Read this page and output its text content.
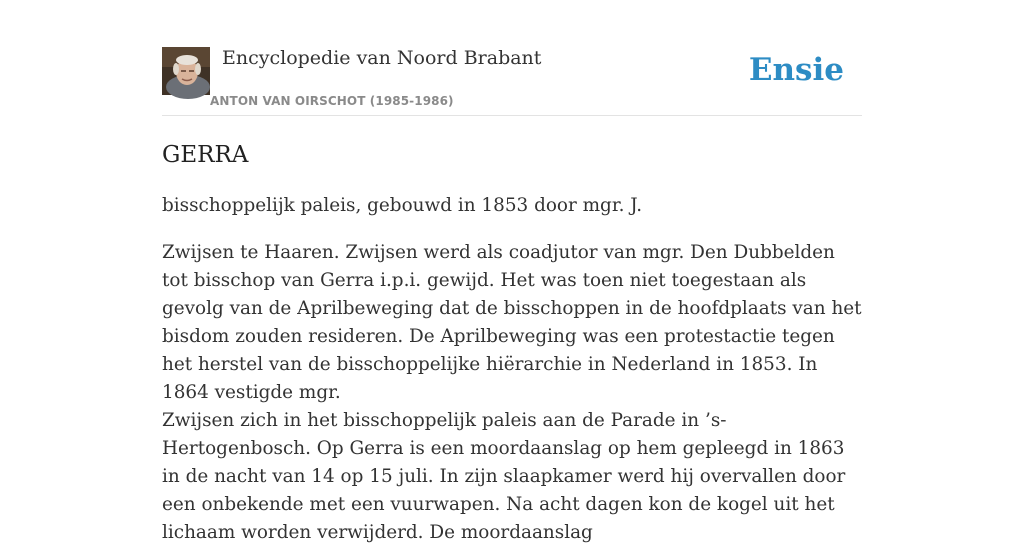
Encyclopedie van Noord Brabant
ANTON VAN OIRSCHOT (1985-1986)
Ensie
GERRA

bisschoppelijk paleis, gebouwd in 1853 door mgr. J.

Zwijsen te Haaren. Zwijsen werd als coadjutor van mgr. Den Dubbelden tot bisschop van Gerra i.p.i. gewijd. Het was toen niet toegestaan als gevolg van de Aprilbeweging dat de bisschoppen in de hoofdplaats van het bisdom zouden resideren. De Aprilbeweging was een protestactie tegen het herstel van de bisschoppelijke hiërarchie in Nederland in 1853. In 1864 vestigde mgr.

Zwijsen zich in het bisschoppelijk paleis aan de Parade in ’s-Hertogenbosch. Op Gerra is een moordaanslag op hem gepleegd in 1863 in de nacht van 14 op 15 juli. In zijn slaapkamer werd hij overvallen door een onbekende met een vuurwapen. Na acht dagen kon de kogel uit het lichaam worden verwijderd. De moordaanslag
